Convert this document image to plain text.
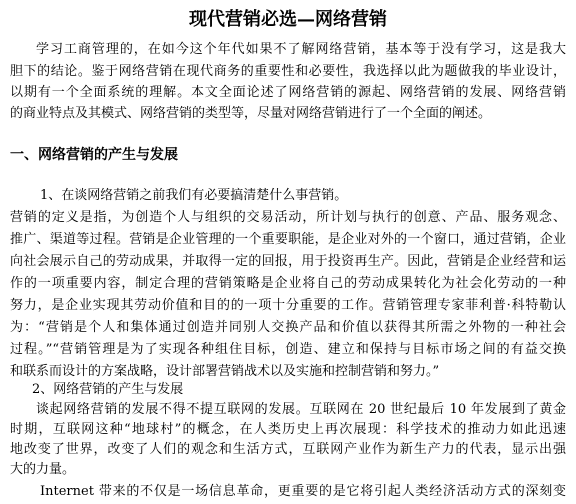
现代营销必选—网络营销
学习工商管理的，在如今这个年代如果不了解网络营销，基本等于没有学习，这是我大
胆下的结论。鉴于网络营销在现代商务的重要性和必要性，我选择以此为题做我的毕业设计，
以期有一个全面系统的理解。本文全面论述了网络营销的源起、网络营销的发展、网络营销
的商业特点及其模式、网络营销的类型等，尽量对网络营销进行了一个全面的阐述。
一、网络营销的产生与发展
1、在谈网络营销之前我们有必要搞清楚什么事营销。
营销的定义是指，为创造个人与组织的交易活动，所计划与执行的创意、产品、服务观念、
推广、渠道等过程。营销是企业管理的一个重要职能，是企业对外的一个窗口，通过营销，企业
向社会展示自己的劳动成果，并取得一定的回报，用于投资再生产。因此，营销是企业经营和运
作的一项重要内容，制定合理的营销策略是企业将自己的劳动成果转化为社会化劳动的一种
努力，是企业实现其劳动价值和目的的一项十分重要的工作。营销管理专家菲利普·科特勒认
为：“营销是个人和集体通过创造并同别人交换产品和价值以获得其所需之外物的一种社会
过程。”“营销管理是为了实现各种组住目标，创造、建立和保持与目标市场之间的有益交换
和联系而设计的方案战略，设计部署营销战术以及实施和控制营销和努力。”
2、网络营销的产生与发展
谈起网络营销的发展不得不提互联网的发展。互联网在 20 世纪最后 10 年发展到了黄金
时期，互联网这种“地球村”的概念，在人类历史上再次展现：科学技术的推动力如此迅速
地改变了世界，改变了人们的观念和生活方式，互联网产业作为新生产力的代表，显示出强
大的力量。
Internet 带来的不仅是一场信息革命，更重要的是它将引起人类经济活动方式的深刻变
